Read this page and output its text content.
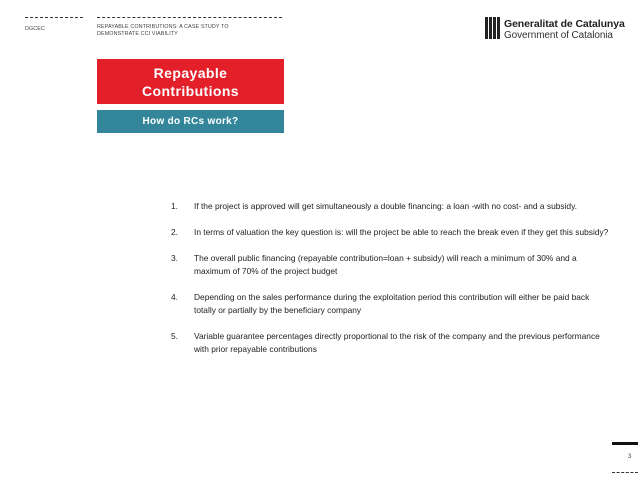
DGCEC	REPAYABLE CONTRIBUTIONS: A CASE STUDY TO
DEMONSTRATE CCI VIABILITY
Generalitat de Catalunya
Government of Catalonia
Repayable
Contributions
How do RCs work?
1. If the project is approved will get simultaneously a double financing: a loan -with no cost- and a subsidy.
2. In terms of valuation the key question is: will the project be able to reach the break even if they get this subsidy?
3. The overall public financing (repayable contribution=loan + subsidy) will reach a minimum of 30% and a maximum of 70% of the project budget
4. Depending on the sales performance during the exploitation period this contribution will either be paid back totally or partially by the beneficiary company
5. Variable guarantee percentages directly proportional to the risk of the company and the previous performance with prior repayable contributions
3
